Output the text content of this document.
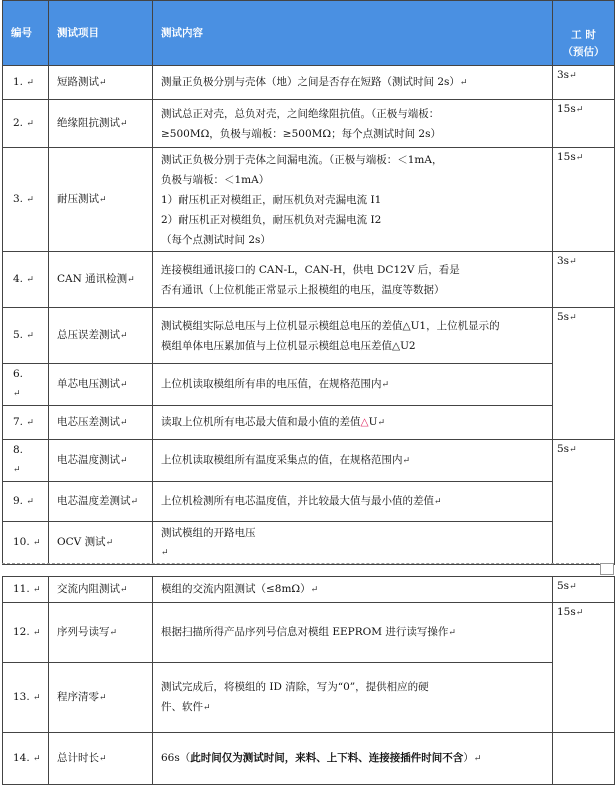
编号	测试项目	测试内容	工 时
（预估）

1. ↵	短路测试↵	测量正负极分别与壳体（地）之间是否存在短路（测试时间 2s）↵	3s↵
2. ↵	绝缘阻抗测试↵	测试总正对壳，总负对壳，之间绝缘阻抗值。（正极与端板：
≥500MΩ，负极与端板：≥500MΩ；每个点测试时间 2s）	15s↵
3. ↵	耐压测试↵	测试正负极分别于壳体之间漏电流。（正极与端板：＜1mA，
负极与端板：＜1mA）
1）耐压机正对模组正，耐压机负对壳漏电流 I1
2）耐压机正对模组负，耐压机负对壳漏电流 I2
（每个点测试时间 2s）	15s↵
4. ↵	CAN 通讯检测↵	连接模组通讯接口的 CAN-L，CAN-H，供电 DC12V 后，看是
否有通讯（上位机能正常显示上报模组的电压，温度等数据）	3s↵
5. ↵	总压误差测试↵	测试模组实际总电压与上位机显示模组总电压的差值△U1，上位机显示的
模组单体电压累加值与上位机显示模组总电压差值△U2	5s↵
6.
↵	单芯电压测试↵	上位机读取模组所有串的电压值，在规格范围内↵	
7. ↵	电芯压差测试↵	读取上位机所有电芯最大值和最小值的差值△U↵	
8.
↵	电芯温度测试↵	上位机读取模组所有温度采集点的值，在规格范围内↵	5s↵
9. ↵	电芯温度差测试↵	上位机检测所有电芯温度值，并比较最大值与最小值的差值↵	
10. ↵	OCV 测试↵	测试模组的开路电压
↵	
11. ↵	交流内阻测试↵	模组的交流内阻测试（≤8mΩ）↵	5s↵
12. ↵	序列号读写↵	根据扫描所得产品序列号信息对模组 EEPROM 进行读写操作↵	15s↵
13. ↵	程序清零↵	测试完成后，将模组的 ID 清除，写为“0”，提供相应的硬
件、软件↵	

14. ↵	总计时长↵	66s（此时间仅为测试时间，来料、上下料、连接接插件时间不含）↵	
